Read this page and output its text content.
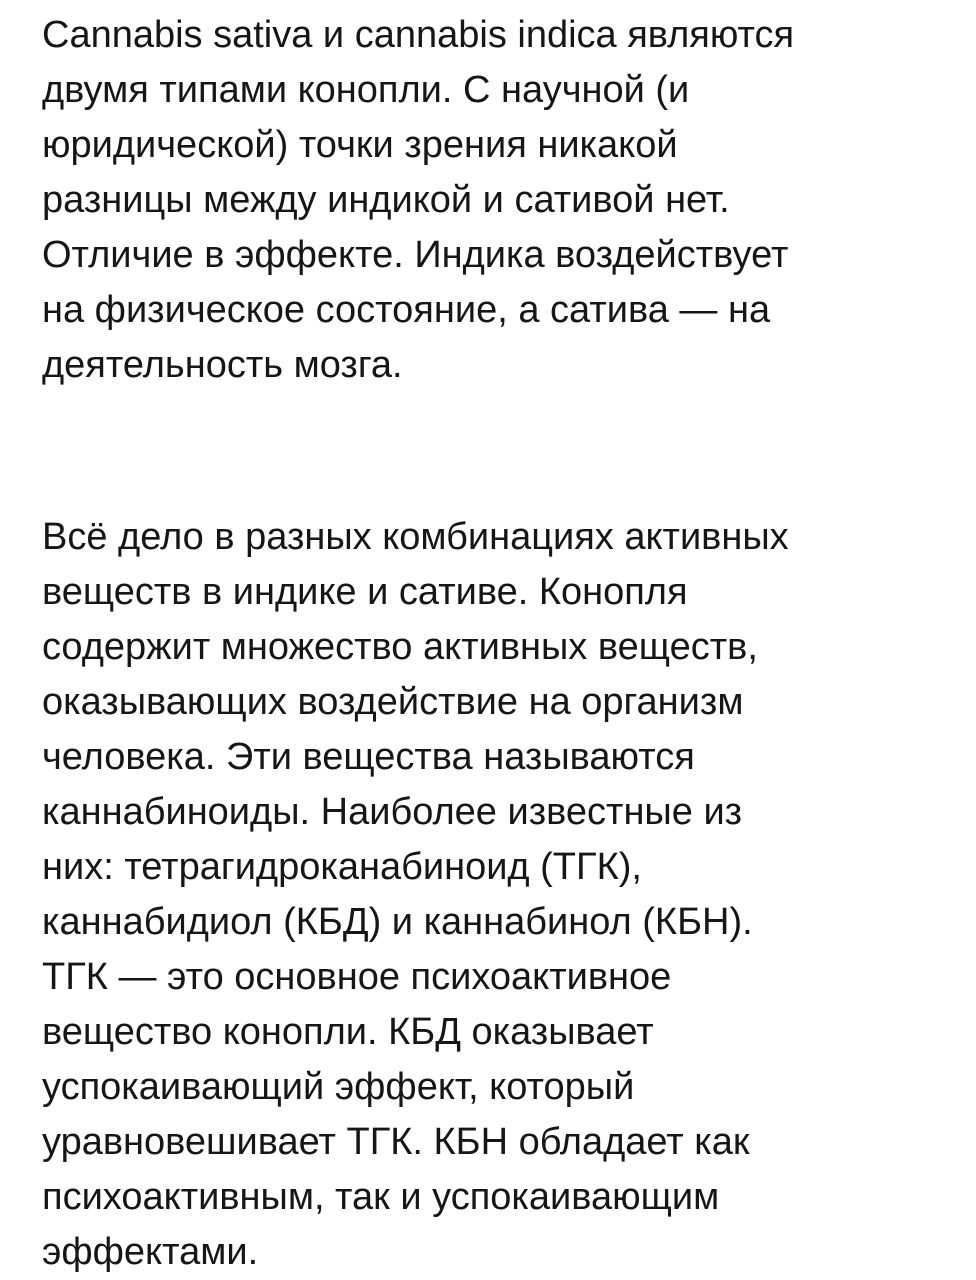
Cannabis sativa и cannabis indica являются
двумя типами конопли. С научной (и
юридической) точки зрения никакой
разницы между индикой и сативой нет.
Отличие в эффекте. Индика воздействует
на физическое состояние, а сатива — на
деятельность мозга.

Всё дело в разных комбинациях активных
веществ в индике и сативе. Конопля
содержит множество активных веществ,
оказывающих воздействие на организм
человека. Эти вещества называются
каннабиноиды. Наиболее известные из
них: тетрагидроканабиноид (ТГК),
каннабидиол (КБД) и каннабинол (КБН).
ТГК — это основное психоактивное
вещество конопли. КБД оказывает
успокаивающий эффект, который
уравновешивает ТГК. КБН обладает как
психоактивным, так и успокаивающим
эффектами.
